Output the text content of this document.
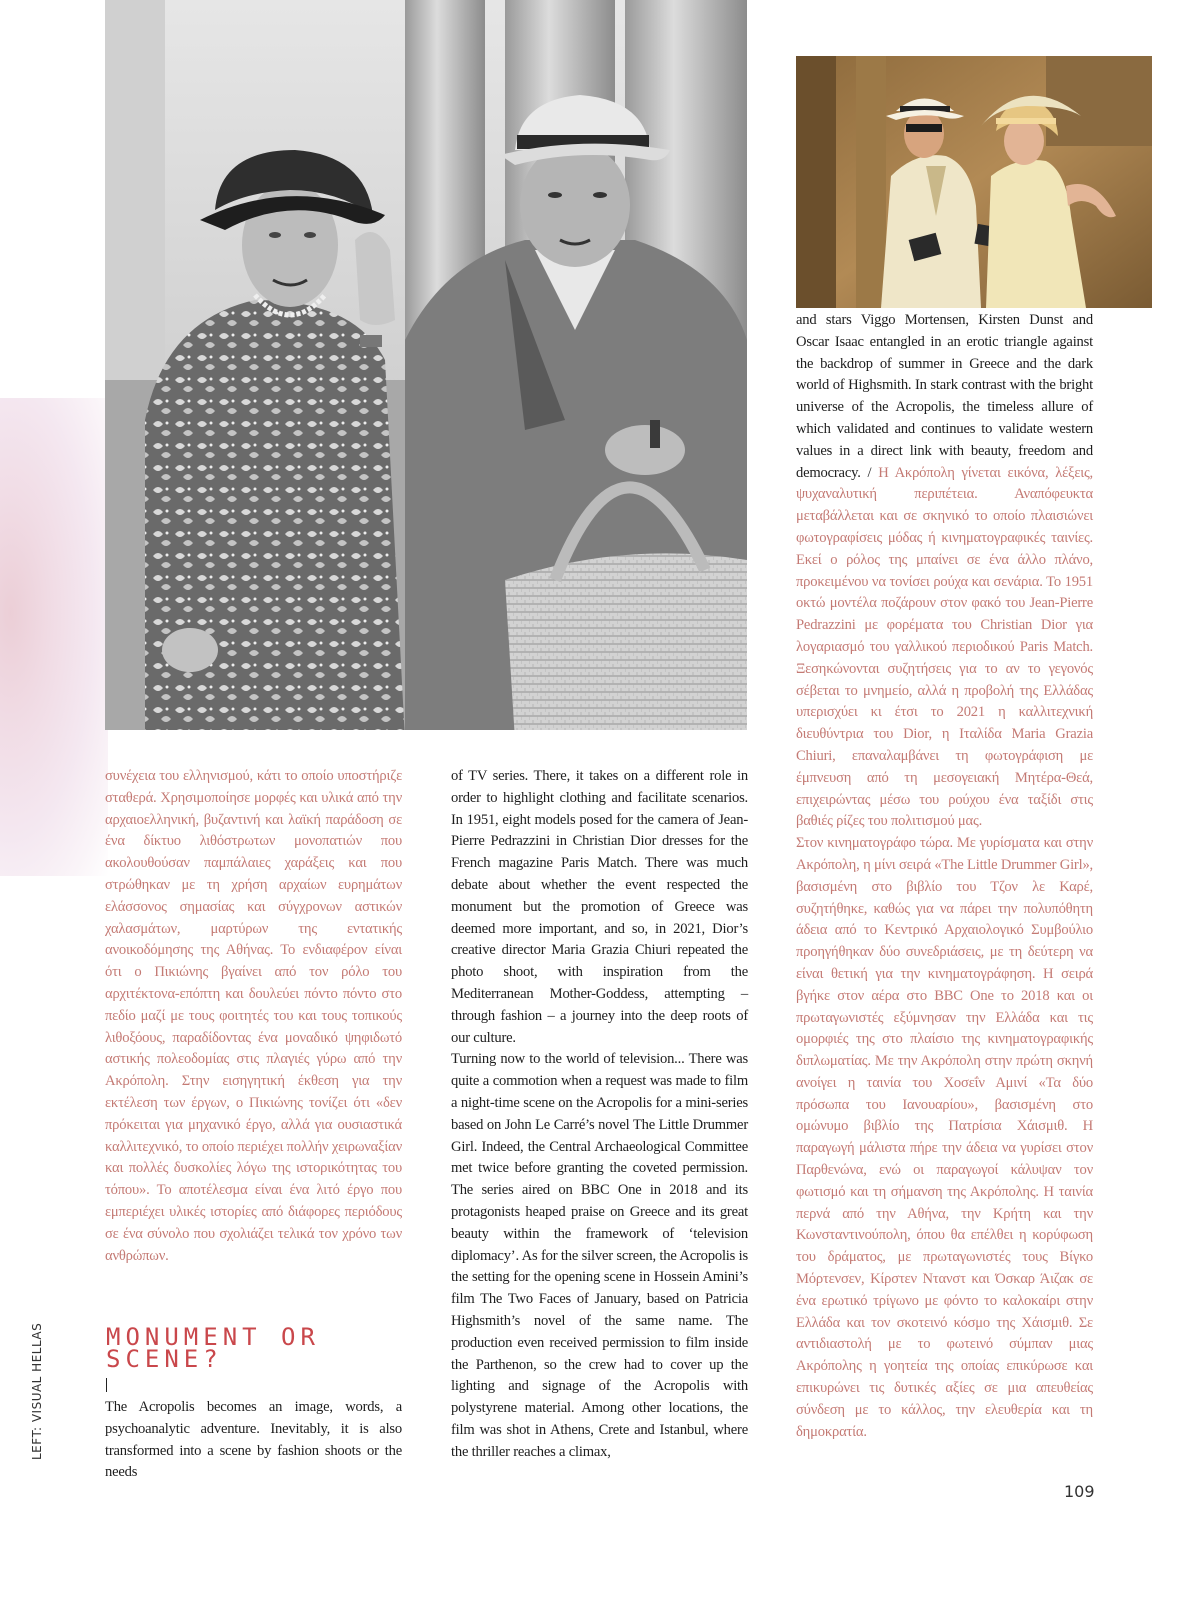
συνέχεια του ελληνισμού, κάτι το οποίο υποστήριζε σταθερά. Χρησιμοποίησε μορφές και υλικά από την αρχαιοελληνική, βυζαντινή και λαϊκή παράδοση σε ένα δίκτυο λιθόστρωτων μονοπατιών που ακολουθούσαν παμπάλαιες χαράξεις και που στρώθηκαν με τη χρήση αρχαίων ευρημάτων ελάσσονος σημασίας και σύγχρονων αστικών χαλασμάτων, μαρτύρων της εντατικής ανοικοδόμησης της Αθήνας. Το ενδιαφέρον είναι ότι ο Πικιώνης βγαίνει από τον ρόλο του αρχιτέκτονα-επόπτη και δουλεύει πόντο πόντο στο πεδίο μαζί με τους φοιτητές του και τους τοπικούς λιθοξόους, παραδίδοντας ένα μοναδικό ψηφιδωτό αστικής πολεοδομίας στις πλαγιές γύρω από την Ακρόπολη. Στην εισηγητική έκθεση για την εκτέλεση των έργων, ο Πικιώνης τονίζει ότι «δεν πρόκειται για μηχανικό έργο, αλλά για ουσιαστικά καλλιτεχνικό, το οποίο περιέχει πολλήν χειρωναξίαν και πολλές δυσκολίες λόγω της ιστορικότητας του τόπου». Το αποτέλεσμα είναι ένα λιτό έργο που εμπεριέχει υλικές ιστορίες από διάφορες περιόδους σε ένα σύνολο που σχολιάζει τελικά τον χρόνο των ανθρώπων.

MONUMENT OR
SCENE?

The Acropolis becomes an image, words, a psychoanalytic adventure. Inevitably, it is also transformed into a scene by fashion shoots or the needs

of TV series. There, it takes on a different role in order to highlight clothing and facilitate scenarios. In 1951, eight models posed for the camera of Jean-Pierre Pedrazzini in Christian Dior dresses for the French magazine Paris Match. There was much debate about whether the event respected the monument but the promotion of Greece was deemed more important, and so, in 2021, Dior’s creative director Maria Grazia Chiuri repeated the photo shoot, with inspiration from the Mediterranean Mother-Goddess, attempting – through fashion – a journey into the deep roots of our culture.

Turning now to the world of television... There was quite a commotion when a request was made to film a night-time scene on the Acropolis for a mini-series based on John Le Carré’s novel The Little Drummer Girl. Indeed, the Central Archaeological Committee met twice before granting the coveted permission. The series aired on BBC One in 2018 and its protagonists heaped praise on Greece and its great beauty within the framework of ‘television diplomacy’. As for the silver screen, the Acropolis is the setting for the opening scene in Hossein Amini’s film The Two Faces of January, based on Patricia Highsmith’s novel of the same name. The production even received permission to film inside the Parthenon, so the crew had to cover up the lighting and signage of the Acropolis with polystyrene material. Among other locations, the film was shot in Athens, Crete and Istanbul, where the thriller reaches a climax,

and stars Viggo Mortensen, Kirsten Dunst and Oscar Isaac entangled in an erotic triangle against the backdrop of summer in Greece and the dark world of Highsmith. In stark contrast with the bright universe of the Acropolis, the timeless allure of which validated and continues to validate western values in a direct link with beauty, freedom and democracy. / Η Ακρόπολη γίνεται εικόνα, λέξεις, ψυχαναλυτική περιπέτεια. Αναπόφευκτα μεταβάλλεται και σε σκηνικό το οποίο πλαισιώνει φωτογραφίσεις μόδας ή κινηματογραφικές ταινίες. Εκεί ο ρόλος της μπαίνει σε ένα άλλο πλάνο, προκειμένου να τονίσει ρούχα και σενάρια. Το 1951 οκτώ μοντέλα ποζάρουν στον φακό του Jean-Pierre Pedrazzini με φορέματα του Christian Dior για λογαριασμό του γαλλικού περιοδικού Paris Match. Ξεσηκώνονται συζητήσεις για το αν το γεγονός σέβεται το μνημείο, αλλά η προβολή της Ελλάδας υπερισχύει κι έτσι το 2021 η καλλιτεχνική διευθύντρια του Dior, η Ιταλίδα Maria Grazia Chiuri, επαναλαμβάνει τη φωτογράφιση με έμπνευση από τη μεσογειακή Μητέρα-Θεά, επιχειρώντας μέσω του ρούχου ένα ταξίδι στις βαθιές ρίζες του πολιτισμού μας.

Στον κινηματογράφο τώρα. Με γυρίσματα και στην Ακρόπολη, η μίνι σειρά «The Little Drummer Girl», βασισμένη στο βιβλίο του Τζον λε Καρέ, συζητήθηκε, καθώς για να πάρει την πολυπόθητη άδεια από το Κεντρικό Αρχαιολογικό Συμβούλιο προηγήθηκαν δύο συνεδριάσεις, με τη δεύτερη να είναι θετική για την κινηματογράφηση. Η σειρά βγήκε στον αέρα στο BBC One το 2018 και οι πρωταγωνιστές εξύμνησαν την Ελλάδα και τις ομορφιές της στο πλαίσιο της κινηματογραφικής διπλωματίας. Με την Ακρόπολη στην πρώτη σκηνή ανοίγει η ταινία του Χοσεΐν Αμινί «Τα δύο πρόσωπα του Ιανουαρίου», βασισμένη στο ομώνυμο βιβλίο της Πατρίσια Χάισμιθ. Η παραγωγή μάλιστα πήρε την άδεια να γυρίσει στον Παρθενώνα, ενώ οι παραγωγοί κάλυψαν τον φωτισμό και τη σήμανση της Ακρόπολης. Η ταινία περνά από την Αθήνα, την Κρήτη και την Κωνσταντινούπολη, όπου θα επέλθει η κορύφωση του δράματος, με πρωταγωνιστές τους Βίγκο Μόρτενσεν, Κίρστεν Ντανστ και Όσκαρ Άιζακ σε ένα ερωτικό τρίγωνο με φόντο το καλοκαίρι στην Ελλάδα και τον σκοτεινό κόσμο της Χάισμιθ. Σε αντιδιαστολή με το φωτεινό σύμπαν μιας Ακρόπολης η γοητεία της οποίας επικύρωσε και επικυρώνει τις δυτικές αξίες σε μια απευθείας σύνδεση με το κάλλος, την ελευθερία και τη δημοκρατία.

LEFT: VISUAL HELLAS
109
